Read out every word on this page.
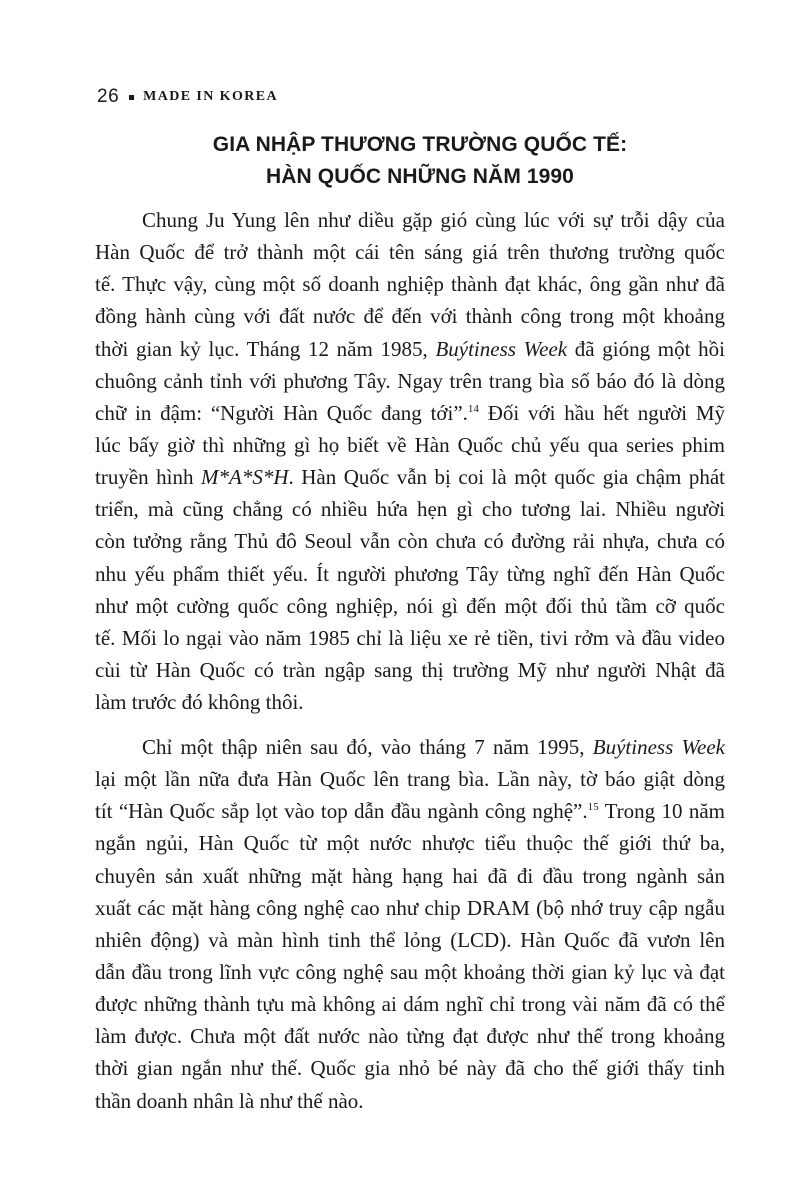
26 MADE IN KOREA
GIA NHẬP THƯƠNG TRƯỜNG QUỐC TẾ:
HÀN QUỐC NHỮNG NĂM 1990

Chung Ju Yung lên như diều gặp gió cùng lúc với sự trỗi dậy của
Hàn Quốc để trở thành một cái tên sáng giá trên thương trường quốc
tế. Thực vậy, cùng một số doanh nghiệp thành đạt khác, ông gần như đã
đồng hành cùng với đất nước để đến với thành công trong một khoảng
thời gian kỷ lục. Tháng 12 năm 1985, Buýtiness Week đã gióng một hồi
chuông cảnh tỉnh với phương Tây. Ngay trên trang bìa số báo đó là dòng
chữ in đậm: “Người Hàn Quốc đang tới”.$^{14}$ Đối với hầu hết người Mỹ
lúc bấy giờ thì những gì họ biết về Hàn Quốc chủ yếu qua series phim
truyền hình M*A*S*H. Hàn Quốc vẫn bị coi là một quốc gia chậm phát
triển, mà cũng chẳng có nhiều hứa hẹn gì cho tương lai. Nhiều người
còn tưởng rằng Thủ đô Seoul vẫn còn chưa có đường rải nhựa, chưa có
nhu yếu phẩm thiết yếu. Ít người phương Tây từng nghĩ đến Hàn Quốc
như một cường quốc công nghiệp, nói gì đến một đối thủ tầm cỡ quốc
tế. Mối lo ngại vào năm 1985 chỉ là liệu xe rẻ tiền, tivi rởm và đầu video
cùi từ Hàn Quốc có tràn ngập sang thị trường Mỹ như người Nhật đã
làm trước đó không thôi.

Chỉ một thập niên sau đó, vào tháng 7 năm 1995, Buýtiness Week
lại một lần nữa đưa Hàn Quốc lên trang bìa. Lần này, tờ báo giật dòng
tít “Hàn Quốc sắp lọt vào top dẫn đầu ngành công nghệ”.$^{15}$ Trong 10 năm
ngắn ngủi, Hàn Quốc từ một nước nhược tiểu thuộc thế giới thứ ba,
chuyên sản xuất những mặt hàng hạng hai đã đi đầu trong ngành sản
xuất các mặt hàng công nghệ cao như chip DRAM (bộ nhớ truy cập ngẫu
nhiên động) và màn hình tinh thể lỏng (LCD). Hàn Quốc đã vươn lên
dẫn đầu trong lĩnh vực công nghệ sau một khoảng thời gian kỷ lục và đạt
được những thành tựu mà không ai dám nghĩ chỉ trong vài năm đã có thể
làm được. Chưa một đất nước nào từng đạt được như thế trong khoảng
thời gian ngắn như thế. Quốc gia nhỏ bé này đã cho thế giới thấy tinh
thần doanh nhân là như thế nào.
